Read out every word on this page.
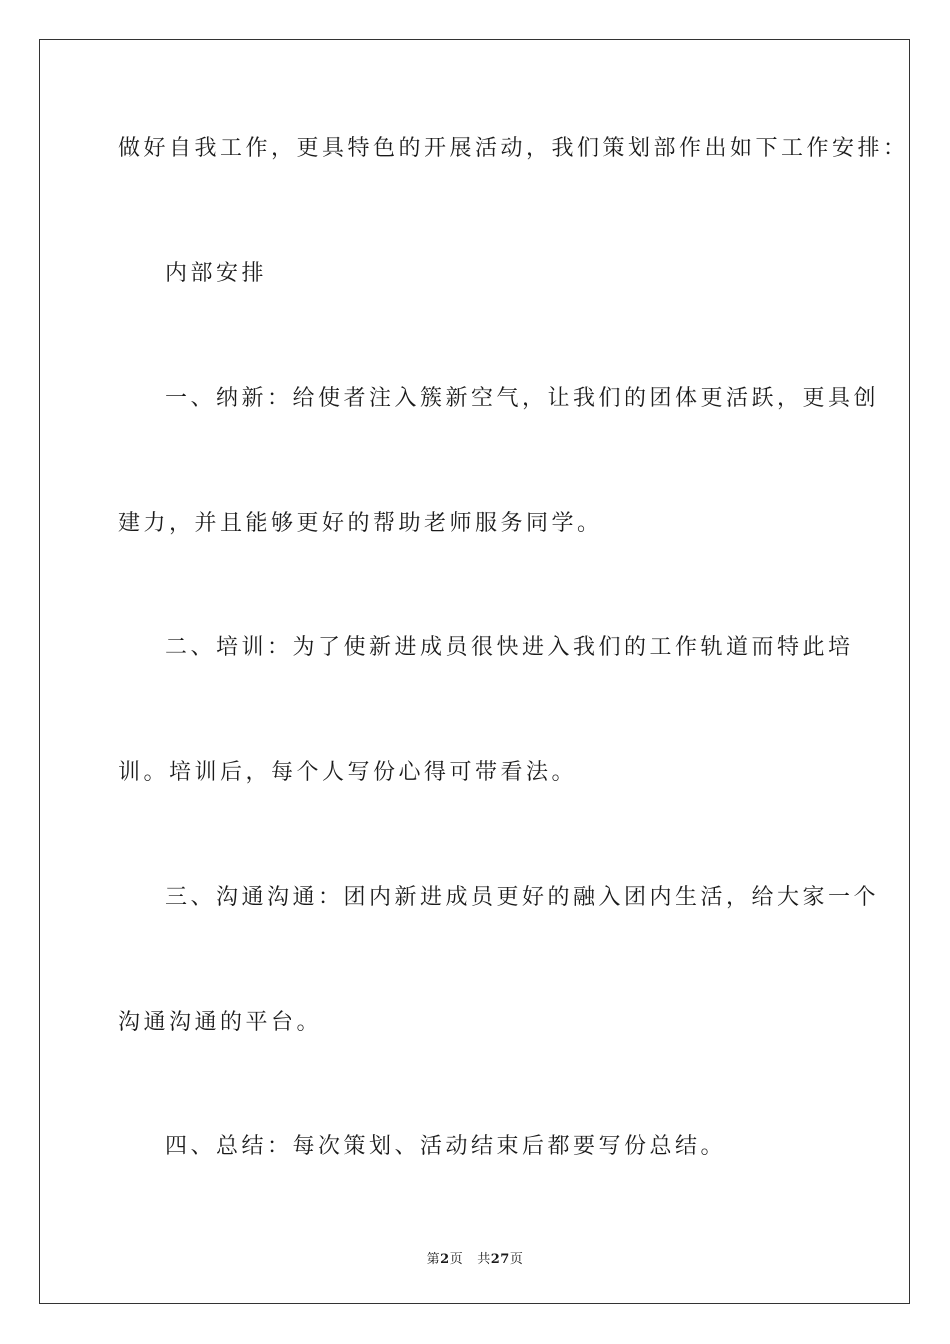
做好自我工作，更具特色的开展活动，我们策划部作出如下工作安排：
内部安排
一、纳新：给使者注入簇新空气，让我们的团体更活跃，更具创
建力，并且能够更好的帮助老师服务同学。
二、培训：为了使新进成员很快进入我们的工作轨道而特此培
训。培训后，每个人写份心得可带看法。
三、沟通沟通：团内新进成员更好的融入团内生活，给大家一个
沟通沟通的平台。
四、总结：每次策划、活动结束后都要写份总结。
第2页 共27页
